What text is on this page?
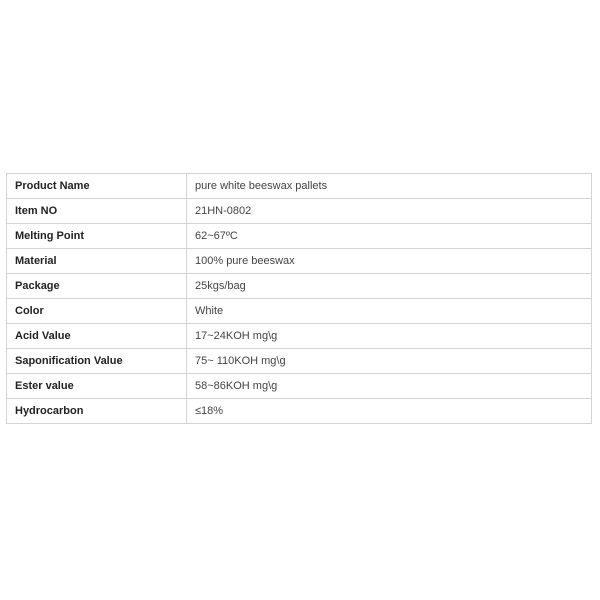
Product Name	pure white beeswax pallets
Item NO	21HN-0802
Melting Point	62~67ºC
Material	100% pure beeswax
Package	25kgs/bag
Color	White
Acid Value	17~24KOH mg\g
Saponification Value	75~ 110KOH mg\g
Ester value	58~86KOH mg\g
Hydrocarbon	≤18%
